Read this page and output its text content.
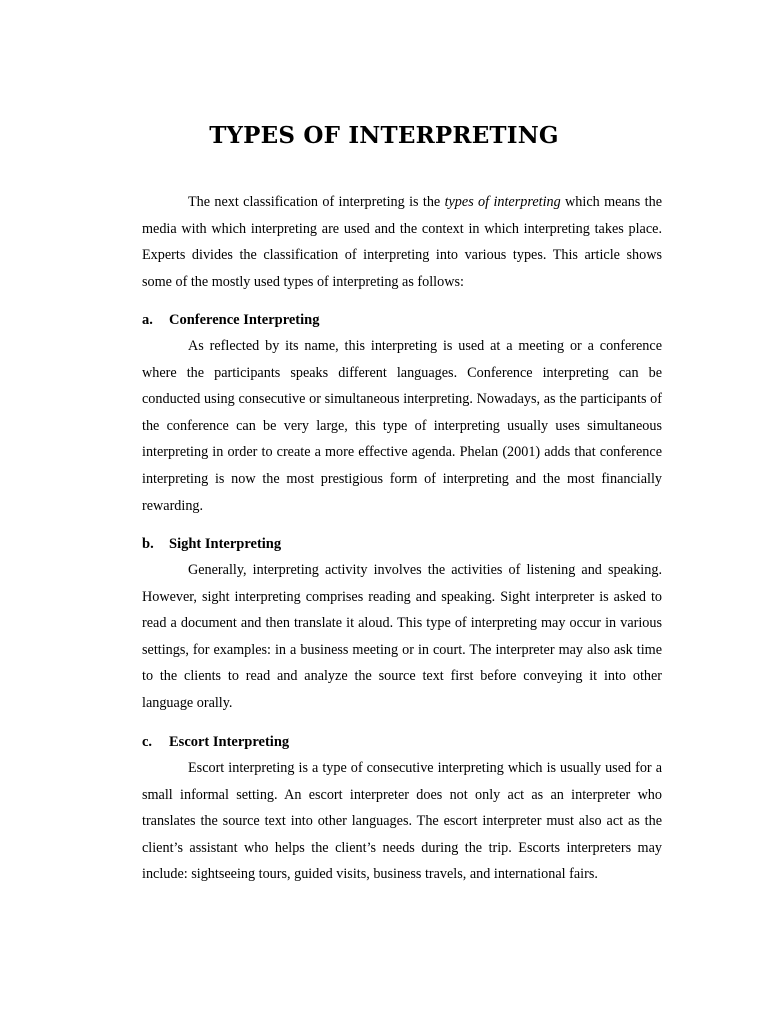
TYPES OF INTERPRETING

The next classification of interpreting is the types of interpreting which means the media with which interpreting are used and the context in which interpreting takes place. Experts divides the classification of interpreting into various types. This article shows some of the mostly used types of interpreting as follows:

a. Conference Interpreting

As reflected by its name, this interpreting is used at a meeting or a conference where the participants speaks different languages. Conference interpreting can be conducted using consecutive or simultaneous interpreting. Nowadays, as the participants of the conference can be very large, this type of interpreting usually uses simultaneous interpreting in order to create a more effective agenda. Phelan (2001) adds that conference interpreting is now the most prestigious form of interpreting and the most financially rewarding.

b. Sight Interpreting

Generally, interpreting activity involves the activities of listening and speaking. However, sight interpreting comprises reading and speaking. Sight interpreter is asked to read a document and then translate it aloud. This type of interpreting may occur in various settings, for examples: in a business meeting or in court. The interpreter may also ask time to the clients to read and analyze the source text first before conveying it into other language orally.

c. Escort Interpreting

Escort interpreting is a type of consecutive interpreting which is usually used for a small informal setting. An escort interpreter does not only act as an interpreter who translates the source text into other languages. The escort interpreter must also act as the client’s assistant who helps the client’s needs during the trip. Escorts interpreters may include: sightseeing tours, guided visits, business travels, and international fairs.
